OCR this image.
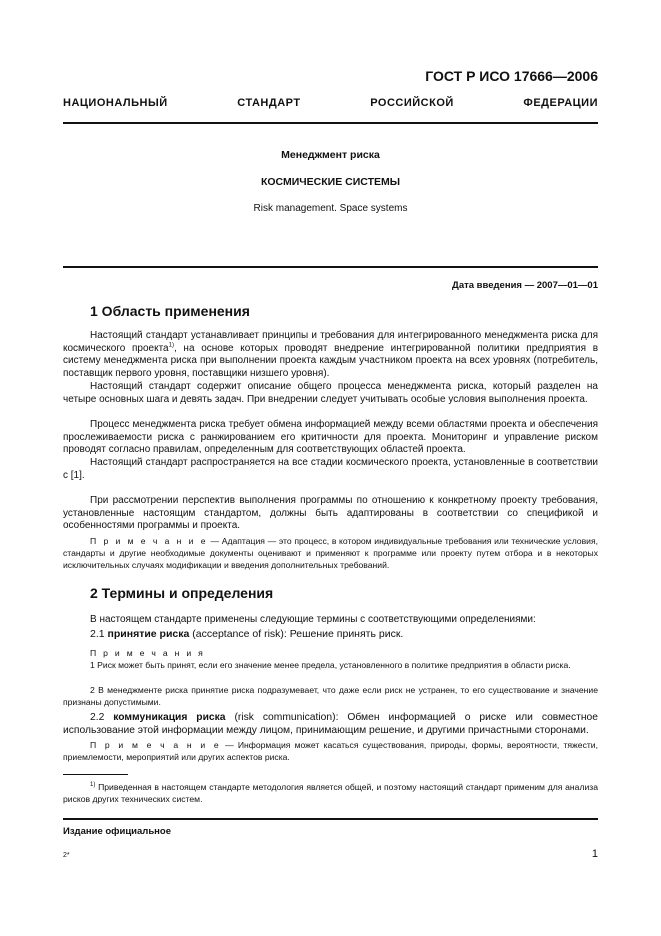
ГОСТ Р ИСО 17666—2006
НАЦИОНАЛЬНЫЙ СТАНДАРТ РОССИЙСКОЙ ФЕДЕРАЦИИ
Менеджмент риска
КОСМИЧЕСКИЕ СИСТЕМЫ
Risk management. Space systems
Дата введения — 2007—01—01
1 Область применения

Настоящий стандарт устанавливает принципы и требования для интегрированного менеджмента риска для космического проекта$^{1)}$, на основе которых проводят внедрение интегрированной политики предприятия в систему менеджмента риска при выполнении проекта каждым участником проекта на всех уровнях (потребитель, поставщик первого уровня, поставщики низшего уровня).

Настоящий стандарт содержит описание общего процесса менеджмента риска, который разделен на четыре основных шага и девять задач. При внедрении следует учитывать особые условия выполнения проекта.

Процесс менеджмента риска требует обмена информацией между всеми областями проекта и обеспечения прослеживаемости риска с ранжированием его критичности для проекта. Мониторинг и управление риском проводят согласно правилам, определенным для соответствующих областей проекта.

Настоящий стандарт распространяется на все стадии космического проекта, установленные в соответствии с [1].

При рассмотрении перспектив выполнения программы по отношению к конкретному проекту требования, установленные настоящим стандартом, должны быть адаптированы в соответствии со спецификой и особенностями программы и проекта.

П р и м е ч а н и е — Адаптация — это процесс, в котором индивидуальные требования или технические условия, стандарты и другие необходимые документы оценивают и применяют к программе или проекту путем отбора и в некоторых исключительных случаях модификации и введения дополнительных требований.

2 Термины и определения

В настоящем стандарте применены следующие термины с соответствующими определениями:

2.1 принятие риска (acceptance of risk): Решение принять риск.

П р и м е ч а н и я

1 Риск может быть принят, если его значение менее предела, установленного в политике предприятия в области риска.

2 В менеджменте риска принятие риска подразумевает, что даже если риск не устранен, то его существование и значение признаны допустимыми.

2.2 коммуникация риска (risk communication): Обмен информацией о риске или совместное использование этой информации между лицом, принимающим решение, и другими причастными сторонами.

П р и м е ч а н и е — Информация может касаться существования, природы, формы, вероятности, тяжести, приемлемости, мероприятий или других аспектов риска.

$^{1)}$ Приведенная в настоящем стандарте методология является общей, и поэтому настоящий стандарт применим для анализа рисков других технических систем.

Издание официальное
2*	1
